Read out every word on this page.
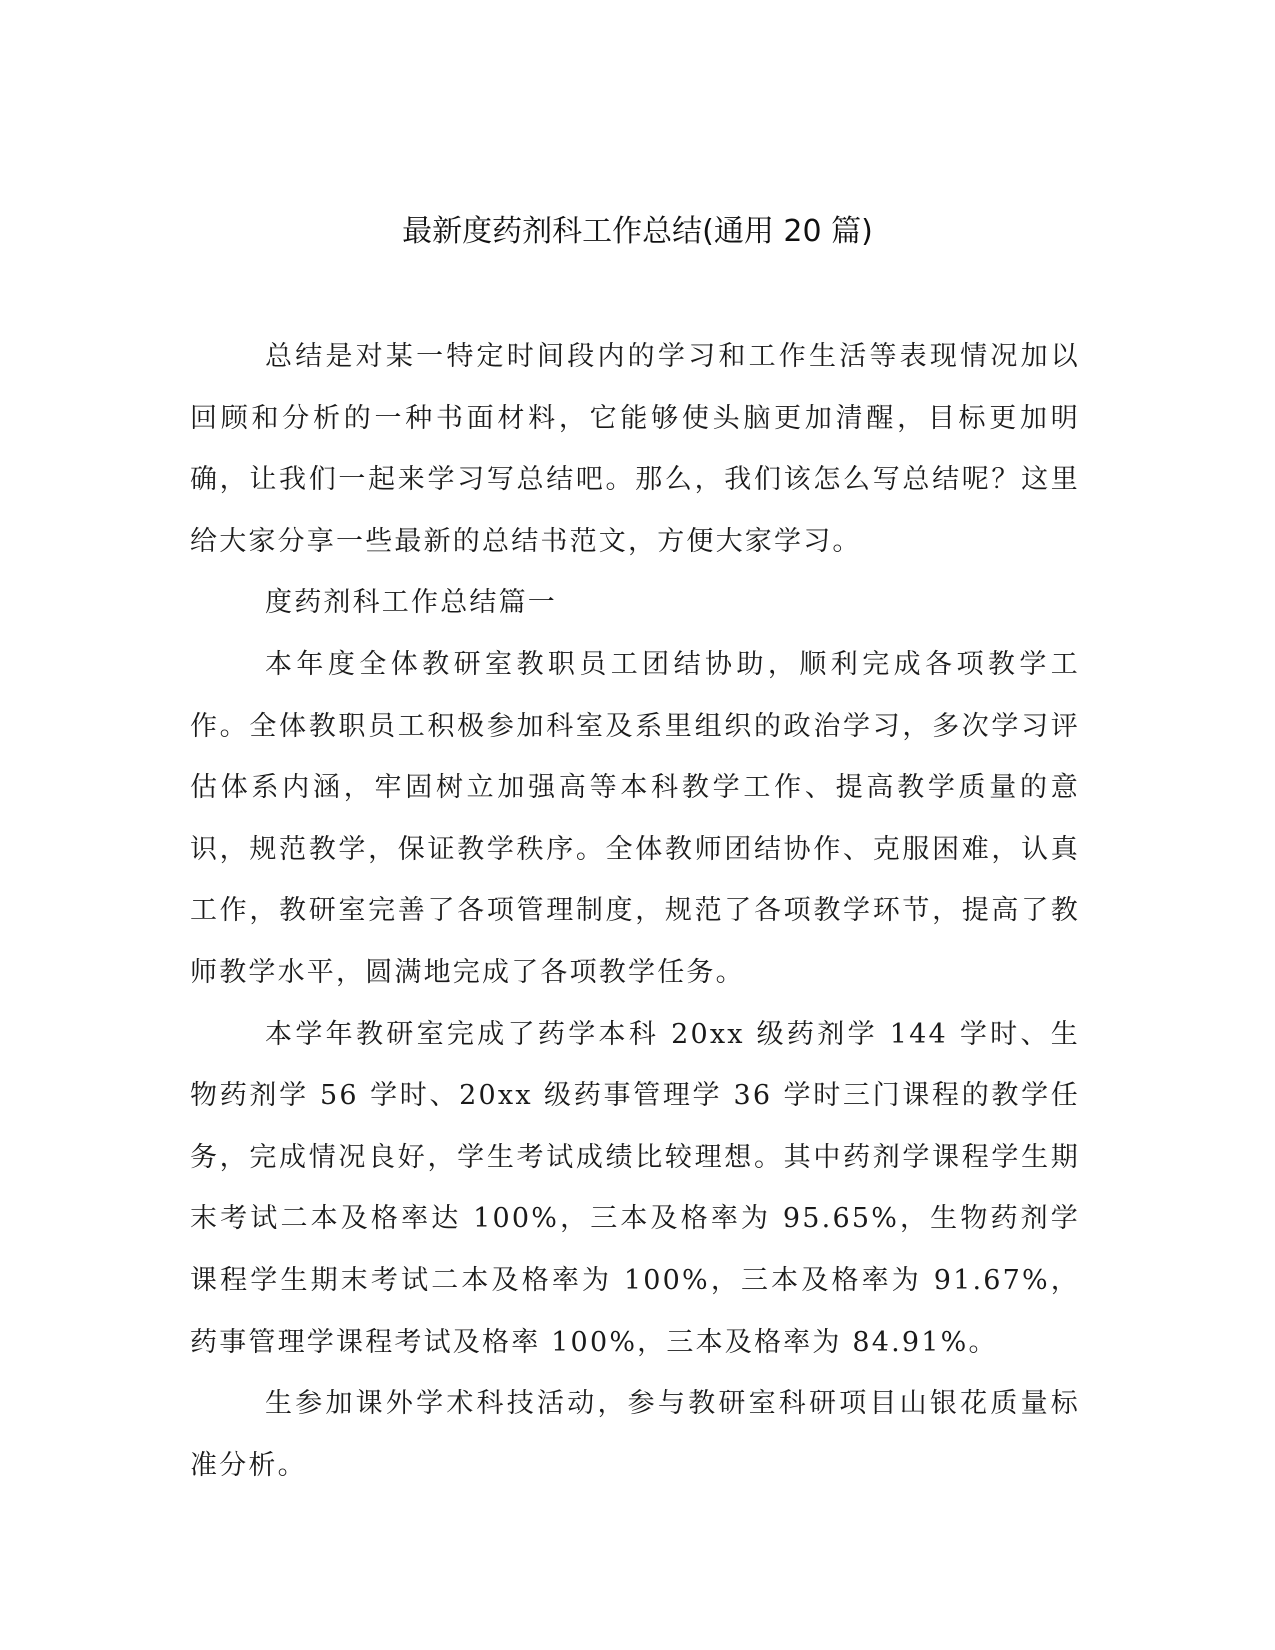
最新度药剂科工作总结(通用 20 篇)

总结是对某一特定时间段内的学习和工作生活等表现情况加以回顾和分析的一种书面材料，它能够使头脑更加清醒，目标更加明确，让我们一起来学习写总结吧。那么，我们该怎么写总结呢？这里给大家分享一些最新的总结书范文，方便大家学习。

度药剂科工作总结篇一

本年度全体教研室教职员工团结协助，顺利完成各项教学工作。全体教职员工积极参加科室及系里组织的政治学习，多次学习评估体系内涵，牢固树立加强高等本科教学工作、提高教学质量的意识，规范教学，保证教学秩序。全体教师团结协作、克服困难，认真工作，教研室完善了各项管理制度，规范了各项教学环节，提高了教师教学水平，圆满地完成了各项教学任务。

本学年教研室完成了药学本科 20xx 级药剂学 144 学时、生物药剂学 56 学时、20xx 级药事管理学 36 学时三门课程的教学任务，完成情况良好，学生考试成绩比较理想。其中药剂学课程学生期末考试二本及格率达 100%，三本及格率为 95.65%，生物药剂学课程学生期末考试二本及格率为 100%，三本及格率为 91.67%，药事管理学课程考试及格率 100%，三本及格率为 84.91%。

生参加课外学术科技活动，参与教研室科研项目山银花质量标准分析。
